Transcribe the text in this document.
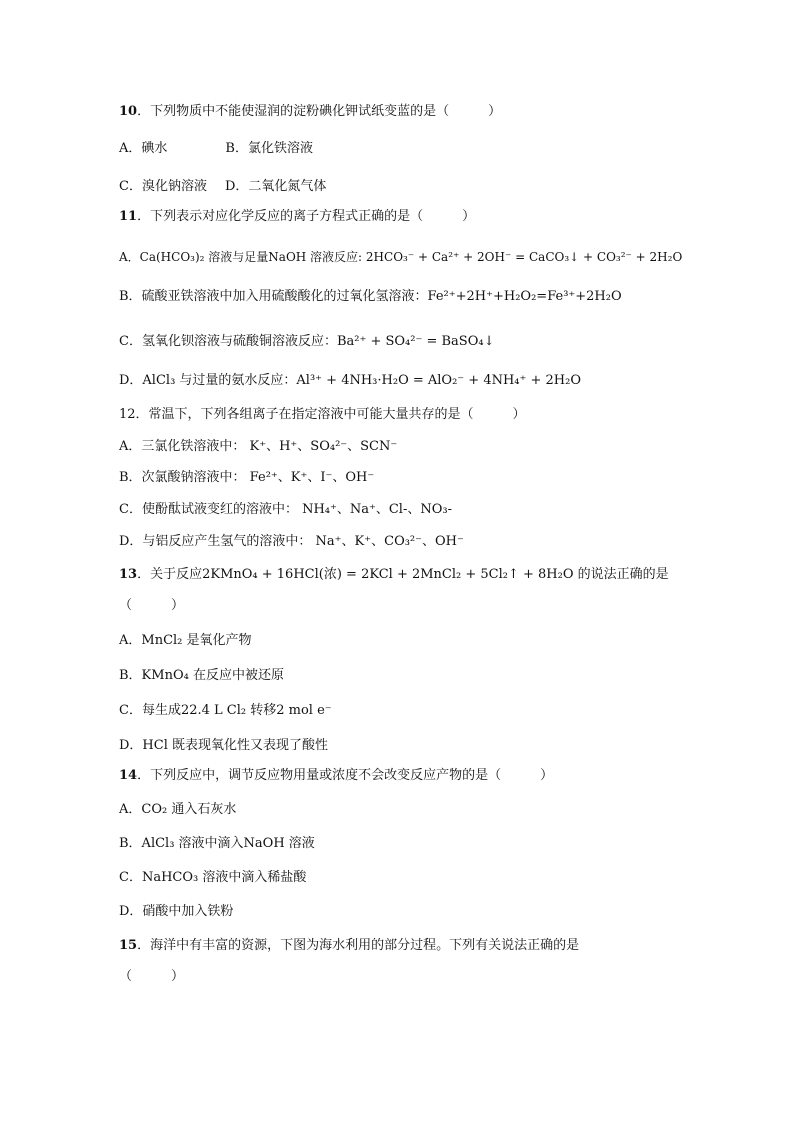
10．下列物质中不能使湿润的淀粉碘化钾试纸变蓝的是（　　　）
A．碘水	B．氯化铁溶液
C．溴化钠溶液 D．二氧化氮气体
11．下列表示对应化学反应的离子方程式正确的是（　　　）
A．Ca(HCO₃)₂ 溶液与足量NaOH 溶液反应: 2HCO₃⁻ + Ca²⁺ + 2OH⁻ = CaCO₃↓ + CO₃²⁻ + 2H₂O
B．硫酸亚铁溶液中加入用硫酸酸化的过氧化氢溶液：Fe²⁺+2H⁺+H₂O₂=Fe³⁺+2H₂O
C．氢氧化钡溶液与硫酸铜溶液反应：Ba²⁺ + SO₄²⁻ = BaSO₄↓
D．AlCl₃ 与过量的氨水反应：Al³⁺ + 4NH₃·H₂O = AlO₂⁻ + 4NH₄⁺ + 2H₂O
12．常温下，下列各组离子在指定溶液中可能大量共存的是（　　　）
A．三氯化铁溶液中： K⁺、H⁺、SO₄²⁻、SCN⁻
B．次氯酸钠溶液中： Fe²⁺、K⁺、I⁻、OH⁻
C．使酚酞试液变红的溶液中： NH₄⁺、Na⁺、Cl-、NO₃-
D．与铝反应产生氢气的溶液中： Na⁺、K⁺、CO₃²⁻、OH⁻
13．关于反应2KMnO₄ + 16HCl(浓) = 2KCl + 2MnCl₂ + 5Cl₂↑ + 8H₂O 的说法正确的是
（　　　）
A．MnCl₂ 是氧化产物
B．KMnO₄ 在反应中被还原
C．每生成22.4 L Cl₂ 转移2 mol e⁻
D．HCl 既表现氧化性又表现了酸性
14．下列反应中，调节反应物用量或浓度不会改变反应产物的是（　　　）
A．CO₂ 通入石灰水
B．AlCl₃ 溶液中滴入NaOH 溶液
C．NaHCO₃ 溶液中滴入稀盐酸
D．硝酸中加入铁粉
15．海洋中有丰富的资源，下图为海水利用的部分过程。下列有关说法正确的是
（　　　）
